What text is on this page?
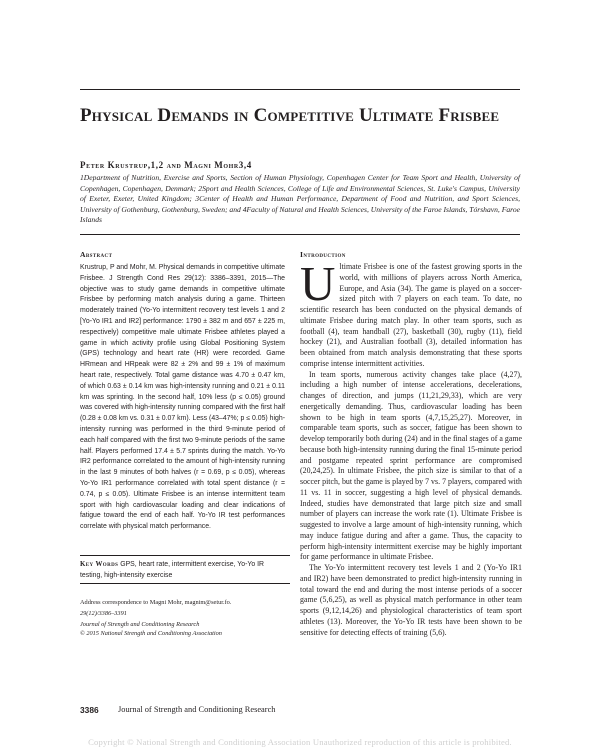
Physical Demands in Competitive Ultimate Frisbee
Peter Krustrup,1,2 and Magni Mohr3,4
1Department of Nutrition, Exercise and Sports, Section of Human Physiology, Copenhagen Center for Team Sport and Health, University of Copenhagen, Copenhagen, Denmark; 2Sport and Health Sciences, College of Life and Environmental Sciences, St. Luke's Campus, University of Exeter, Exeter, United Kingdom; 3Center of Health and Human Performance, Department of Food and Nutrition, and Sport Sciences, University of Gothenburg, Gothenburg, Sweden; and 4Faculty of Natural and Health Sciences, University of the Faroe Islands, Tórshavn, Faroe Islands
Abstract
Krustrup, P and Mohr, M. Physical demands in competitive ultimate Frisbee. J Strength Cond Res 29(12): 3386–3391, 2015—The objective was to study game demands in competitive ultimate Frisbee by performing match analysis during a game. Thirteen moderately trained (Yo-Yo intermittent recovery test levels 1 and 2 [Yo-Yo IR1 and IR2] performance: 1790 ± 382 m and 657 ± 225 m, respectively) competitive male ultimate Frisbee athletes played a game in which activity profile using Global Positioning System (GPS) technology and heart rate (HR) were recorded. Game HRmean and HRpeak were 82 ± 2% and 99 ± 1% of maximum heart rate, respectively. Total game distance was 4.70 ± 0.47 km, of which 0.63 ± 0.14 km was high-intensity running and 0.21 ± 0.11 km was sprinting. In the second half, 10% less (p ≤ 0.05) ground was covered with high-intensity running compared with the first half (0.28 ± 0.08 km vs. 0.31 ± 0.07 km). Less (43–47%; p ≤ 0.05) high-intensity running was performed in the third 9-minute period of each half compared with the first two 9-minute periods of the same half. Players performed 17.4 ± 5.7 sprints during the match. Yo-Yo IR2 performance correlated to the amount of high-intensity running in the last 9 minutes of both halves (r = 0.69, p ≤ 0.05), whereas Yo-Yo IR1 performance correlated with total spent distance (r = 0.74, p ≤ 0.05). Ultimate Frisbee is an intense intermittent team sport with high cardiovascular loading and clear indications of fatigue toward the end of each half. Yo-Yo IR test performances correlate with physical match performance.
Key Words GPS, heart rate, intermittent exercise, Yo-Yo IR testing, high-intensity exercise
Address correspondence to Magni Mohr, magnim@setur.fo.
29(12)/3386–3391
Journal of Strength and Conditioning Research
© 2015 National Strength and Conditioning Association
Introduction

Ultimate Frisbee is one of the fastest growing sports in the world, with millions of players across North America, Europe, and Asia (34). The game is played on a soccer-sized pitch with 7 players on each team. To date, no scientific research has been conducted on the physical demands of ultimate Frisbee during match play. In other team sports, such as football (4), team handball (27), basketball (30), rugby (11), field hockey (21), and Australian football (3), detailed information has been obtained from match analysis demonstrating that these sports comprise intense intermittent activities.

In team sports, numerous activity changes take place (4,27), including a high number of intense accelerations, decelerations, changes of direction, and jumps (11,21,29,33), which are very energetically demanding. Thus, cardiovascular loading has been shown to be high in team sports (4,7,15,25,27). Moreover, in comparable team sports, such as soccer, fatigue has been shown to develop temporarily both during (24) and in the final stages of a game because both high-intensity running during the final 15-minute period and postgame repeated sprint performance are compromised (20,24,25). In ultimate Frisbee, the pitch size is similar to that of a soccer pitch, but the game is played by 7 vs. 7 players, compared with 11 vs. 11 in soccer, suggesting a high level of physical demands. Indeed, studies have demonstrated that large pitch size and small number of players can increase the work rate (1). Ultimate Frisbee is suggested to involve a large amount of high-intensity running, which may induce fatigue during and after a game. Thus, the capacity to perform high-intensity intermittent exercise may be highly important for game performance in ultimate Frisbee.

The Yo-Yo intermittent recovery test levels 1 and 2 (Yo-Yo IR1 and IR2) have been demonstrated to predict high-intensity running in total toward the end and during the most intense periods of a soccer game (5,6,25), as well as physical match performance in other team sports (9,12,14,26) and physiological characteristics of team sport athletes (13). Moreover, the Yo-Yo IR tests have been shown to be sensitive for detecting effects of training (5,6).

3386 Journal of Strength and Conditioning Research
Copyright © National Strength and Conditioning Association Unauthorized reproduction of this article is prohibited.
